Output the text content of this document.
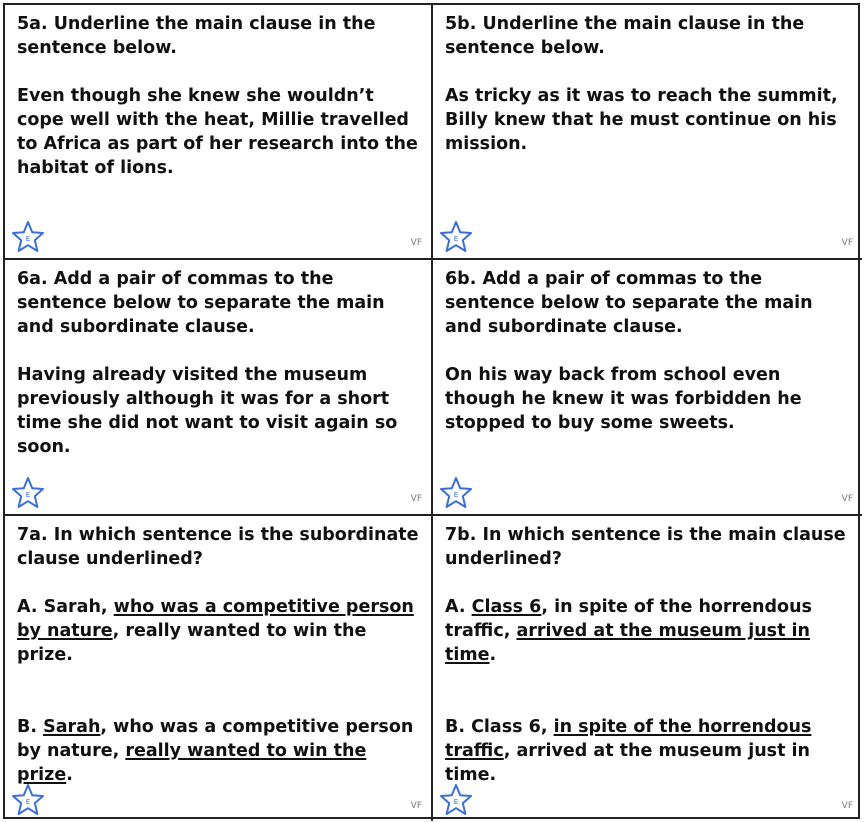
5a. Underline the main clause in the sentence below.

Even though she knew she wouldn’t cope well with the heat, Millie travelled to Africa as part of her research into the habitat of lions.

E	VF

5b. Underline the main clause in the sentence below.

As tricky as it was to reach the summit, Billy knew that he must continue on his mission.

E	VF

6a. Add a pair of commas to the sentence below to separate the main and subordinate clause.

Having already visited the museum previously although it was for a short time she did not want to visit again so soon.

E	VF

6b. Add a pair of commas to the sentence below to separate the main and subordinate clause.

On his way back from school even though he knew it was forbidden he stopped to buy some sweets.

E	VF

7a. In which sentence is the subordinate clause underlined?

A. Sarah, who was a competitive person by nature, really wanted to win the prize.

B. Sarah, who was a competitive person by nature, really wanted to win the prize.

E	VF

7b. In which sentence is the main clause underlined?

A. Class 6, in spite of the horrendous traffic, arrived at the museum just in time.

B. Class 6, in spite of the horrendous traffic, arrived at the museum just in time.

E	VF
